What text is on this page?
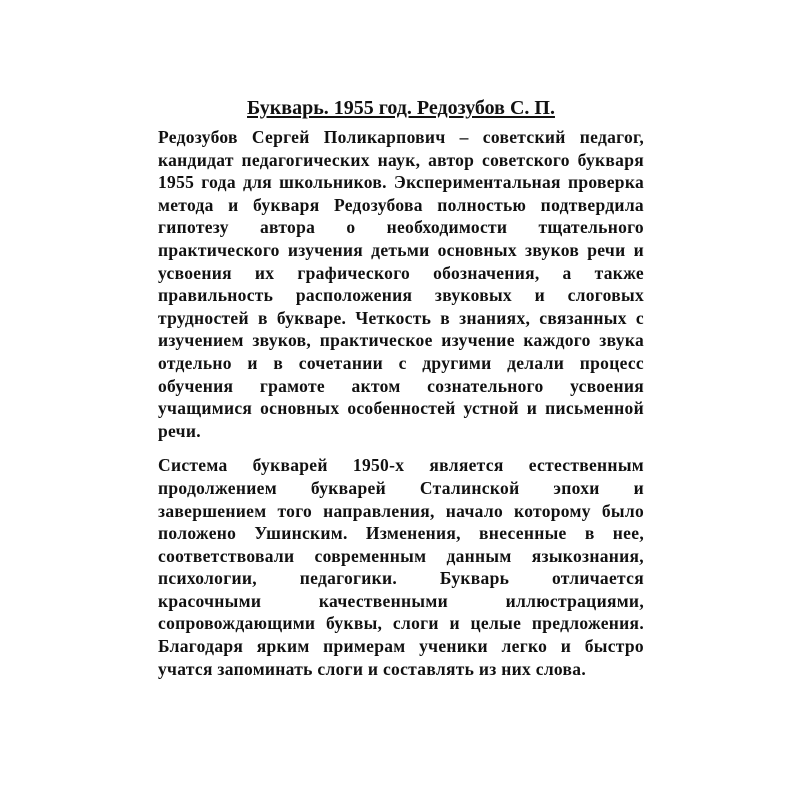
Букварь. 1955 год. Редозубов С. П.

Редозубов Сергей Поликарпович – советский педагог,
кандидат педагогических наук, автор советского букваря
1955 года для школьников. Экспериментальная проверка
метода и букваря Редозубова полностью подтвердила
гипотезу автора о необходимости тщательного
практического изучения детьми основных звуков речи и
усвоения их графического обозначения, а также
правильность расположения звуковых и слоговых
трудностей в букваре. Четкость в знаниях, связанных с
изучением звуков, практическое изучение каждого звука
отдельно и в сочетании с другими делали процесс
обучения грамоте актом сознательного усвоения
учащимися основных особенностей устной и письменной
речи.

Система букварей 1950-х является естественным
продолжением букварей Сталинской эпохи и
завершением того направления, начало которому было
положено Ушинским. Изменения, внесенные в нее,
соответствовали современным данным языкознания,
психологии, педагогики. Букварь отличается
красочными качественными иллюстрациями,
сопровождающими буквы, слоги и целые предложения.
Благодаря ярким примерам ученики легко и быстро
учатся запоминать слоги и составлять из них слова.
